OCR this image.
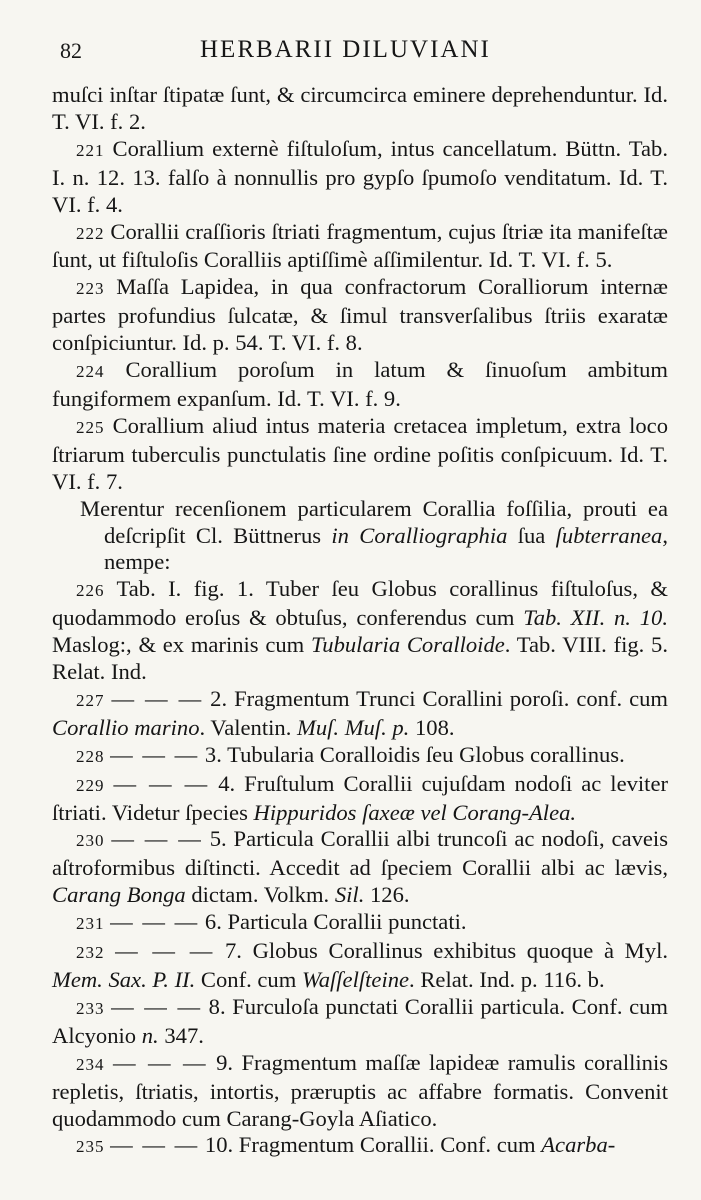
82	HERBARII DILUVIANI

muſci inſtar ſtipatæ ſunt, & circumcirca eminere deprehenduntur. Id. T. VI. f. 2.

221 Corallium externè fiſtuloſum, intus cancellatum. Büttn. Tab. I. n. 12. 13. falſo à nonnullis pro gypſo ſpumoſo venditatum. Id. T. VI. f. 4.

222 Corallii craſſioris ſtriati fragmentum, cujus ſtriæ ita manifeſtæ ſunt, ut fiſtuloſis Coralliis aptiſſimè aſſimilentur. Id. T. VI. f. 5.

223 Maſſa Lapidea, in qua confractorum Coralliorum internæ partes profundius ſulcatæ, & ſimul transverſalibus ſtriis exaratæ conſpiciuntur. Id. p. 54. T. VI. f. 8.

224 Corallium poroſum in latum & ſinuoſum ambitum fungiformem expanſum. Id. T. VI. f. 9.

225 Corallium aliud intus materia cretacea impletum, extra loco ſtriarum tuberculis punctulatis ſine ordine poſitis conſpicuum. Id. T. VI. f. 7.

Merentur recenſionem particularem Corallia foſſilia, prouti ea deſcripſit Cl. Büttnerus in Coralliographia ſua ſubterranea, nempe:

226 Tab. I. fig. 1. Tuber ſeu Globus corallinus fiſtuloſus, & quodammodo eroſus & obtuſus, conferendus cum Tab. XII. n. 10. Maslog:, & ex marinis cum Tubularia Coralloide. Tab. VIII. fig. 5. Relat. Ind.

227 — — — 2. Fragmentum Trunci Corallini poroſi. conf. cum Corallio marino. Valentin. Muſ. Muſ. p. 108.

228 — — — 3. Tubularia Coralloidis ſeu Globus corallinus.

229 — — — 4. Fruſtulum Corallii cujuſdam nodoſi ac leviter ſtriati. Videtur ſpecies Hippuridos ſaxeæ vel Corang-Alea.

230 — — — 5. Particula Corallii albi truncoſi ac nodoſi, caveis aſtroformibus diſtincti. Accedit ad ſpeciem Corallii albi ac lævis, Carang Bonga dictam. Volkm. Sil. 126.

231 — — — 6. Particula Corallii punctati.

232 — — — 7. Globus Corallinus exhibitus quoque à Myl. Mem. Sax. P. II. Conf. cum Waſſelſteine. Relat. Ind. p. 116. b.

233 — — — 8. Furculoſa punctati Corallii particula. Conf. cum Alcyonio n. 347.

234 — — — 9. Fragmentum maſſæ lapideæ ramulis corallinis repletis, ſtriatis, intortis, præruptis ac affabre formatis. Convenit quodammodo cum Carang-Goyla Aſiatico.

235 — — — 10. Fragmentum Corallii. Conf. cum Acarba-
